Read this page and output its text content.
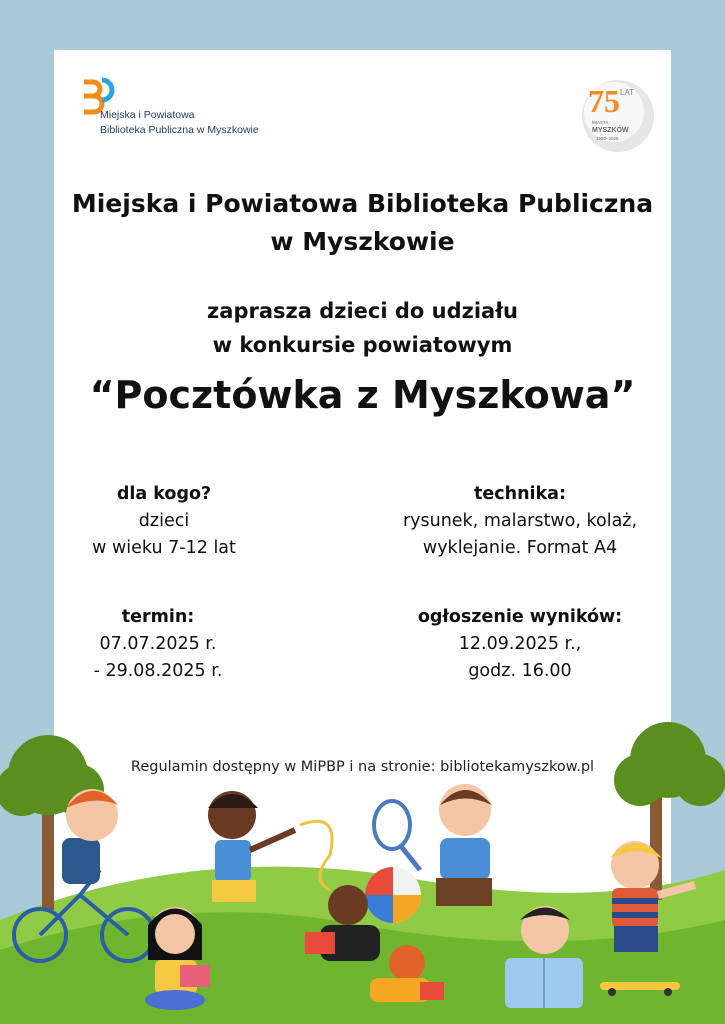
Miejska i Powiatowa
Biblioteka Publiczna w Myszkowie
75 LAT
MIASTA
MYSZKÓW
1950–2025
Miejska i Powiatowa Biblioteka Publiczna
w Myszkowie
zaprasza dzieci do udziału
w konkursie powiatowym
“Pocztówka z Myszkowa”
dla kogo?
dzieci
w wieku 7-12 lat
technika:
rysunek, malarstwo, kolaż,
wyklejanie. Format A4
termin:
07.07.2025 r.
- 29.08.2025 r.
ogłoszenie wyników:
12.09.2025 r.,
godz. 16.00
Regulamin dostępny w MiPBP i na stronie: bibliotekamyszkow.pl
